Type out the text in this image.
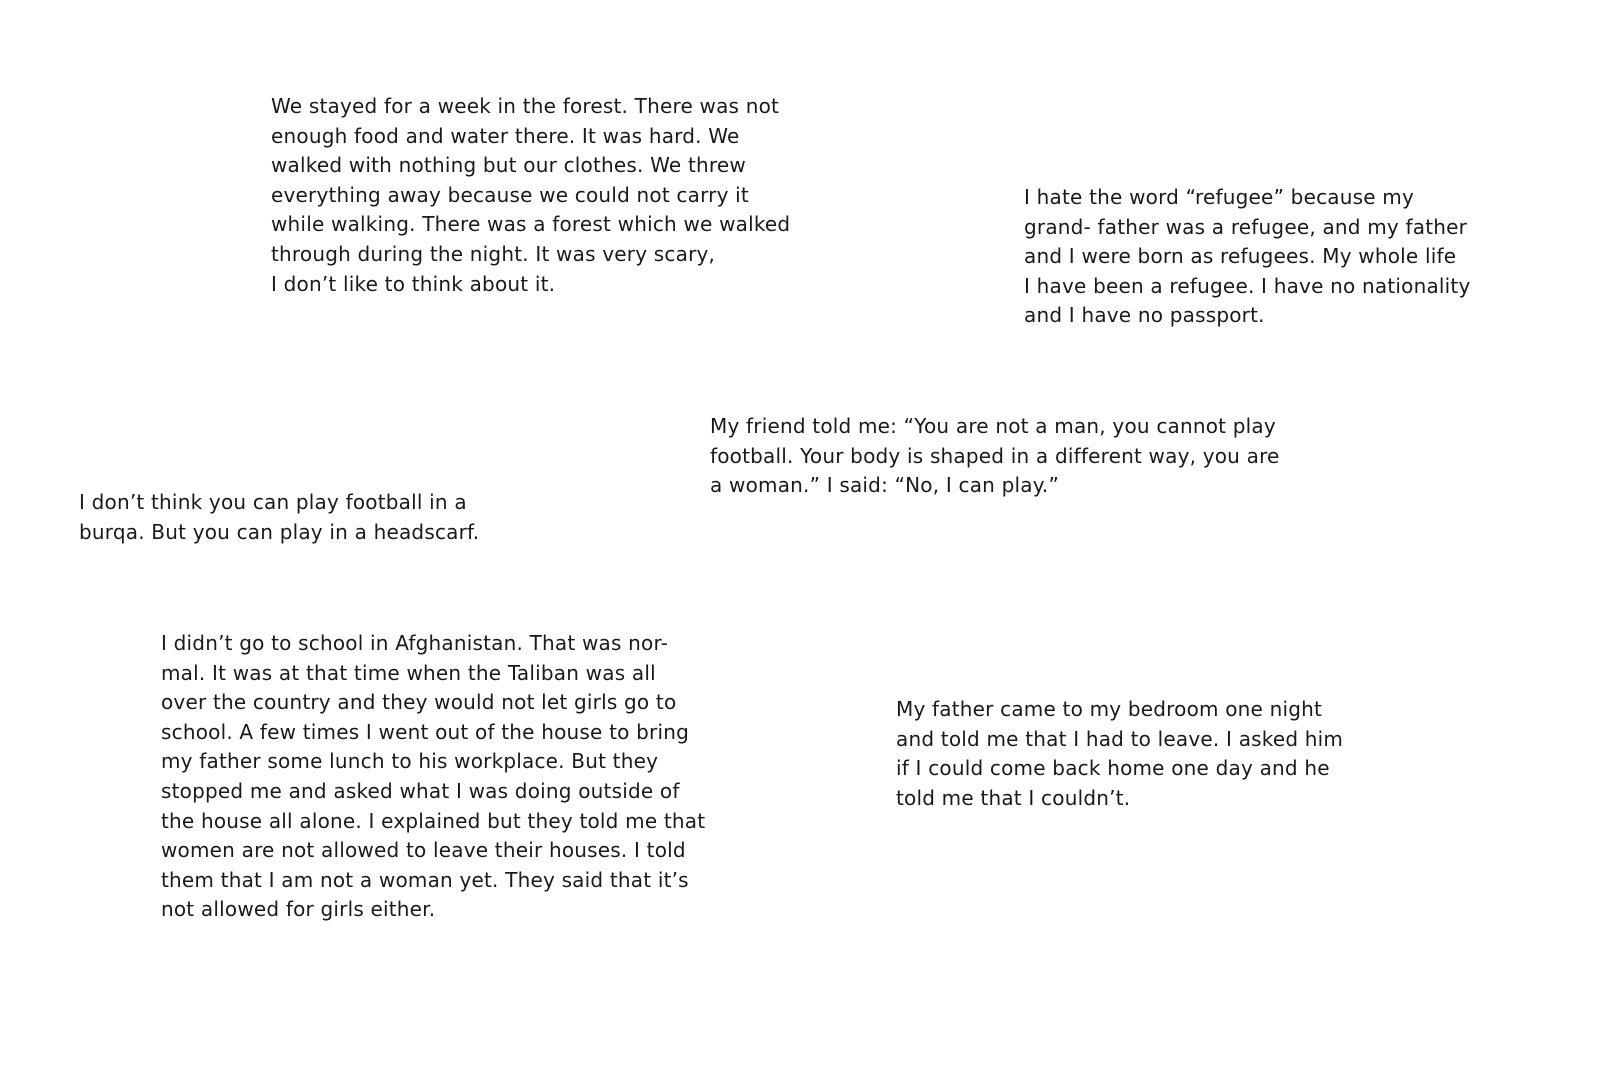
We stayed for a week in the forest. There was not
enough food and water there. It was hard. We
walked with nothing but our clothes. We threw
everything away because we could not carry it
while walking. There was a forest which we walked
through during the night. It was very scary,
I don’t like to think about it.

I hate the word “refugee” because my
grand- father was a refugee, and my father
and I were born as refugees. My whole life
I have been a refugee. I have no nationality
and I have no passport.

My friend told me: “You are not a man, you cannot play
football. Your body is shaped in a different way, you are
a woman.” I said: “No, I can play.”

I don’t think you can play football in a
burqa. But you can play in a headscarf.

I didn’t go to school in Afghanistan. That was nor-
mal. It was at that time when the Taliban was all
over the country and they would not let girls go to
school. A few times I went out of the house to bring
my father some lunch to his workplace. But they
stopped me and asked what I was doing outside of
the house all alone. I explained but they told me that
women are not allowed to leave their houses. I told
them that I am not a woman yet. They said that it’s
not allowed for girls either.

My father came to my bedroom one night
and told me that I had to leave. I asked him
if I could come back home one day and he
told me that I couldn’t.
